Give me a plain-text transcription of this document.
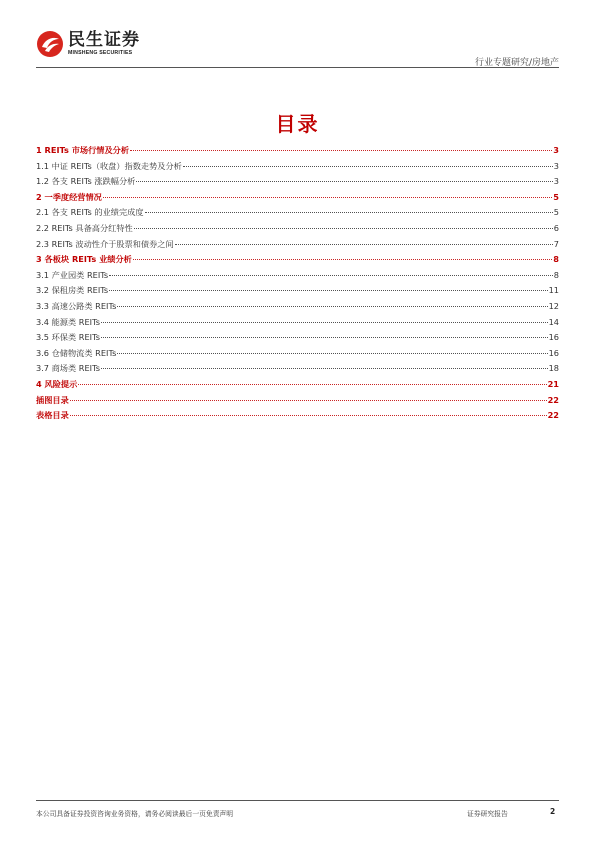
民生证券
MINSHENG SECURITIES
行业专题研究/房地产
目录
1 REITs 市场行情及分析	3
1.1 中证 REITs（收盘）指数走势及分析	3
1.2 各支 REITs 涨跌幅分析	3
2 一季度经营情况	5
2.1 各支 REITs 的业绩完成度	5
2.2 REITs 具备高分红特性	6
2.3 REITs 波动性介于股票和债券之间	7
3 各板块 REITs 业绩分析	8
3.1 产业园类 REITs	8
3.2 保租房类 REITs	11
3.3 高速公路类 REITs	12
3.4 能源类 REITs	14
3.5 环保类 REITs	16
3.6 仓储物流类 REITs	16
3.7 商场类 REITs	18
4 风险提示	21
插图目录	22
表格目录	22
本公司具备证券投资咨询业务资格，请务必阅读最后一页免责声明	证券研究报告	2
